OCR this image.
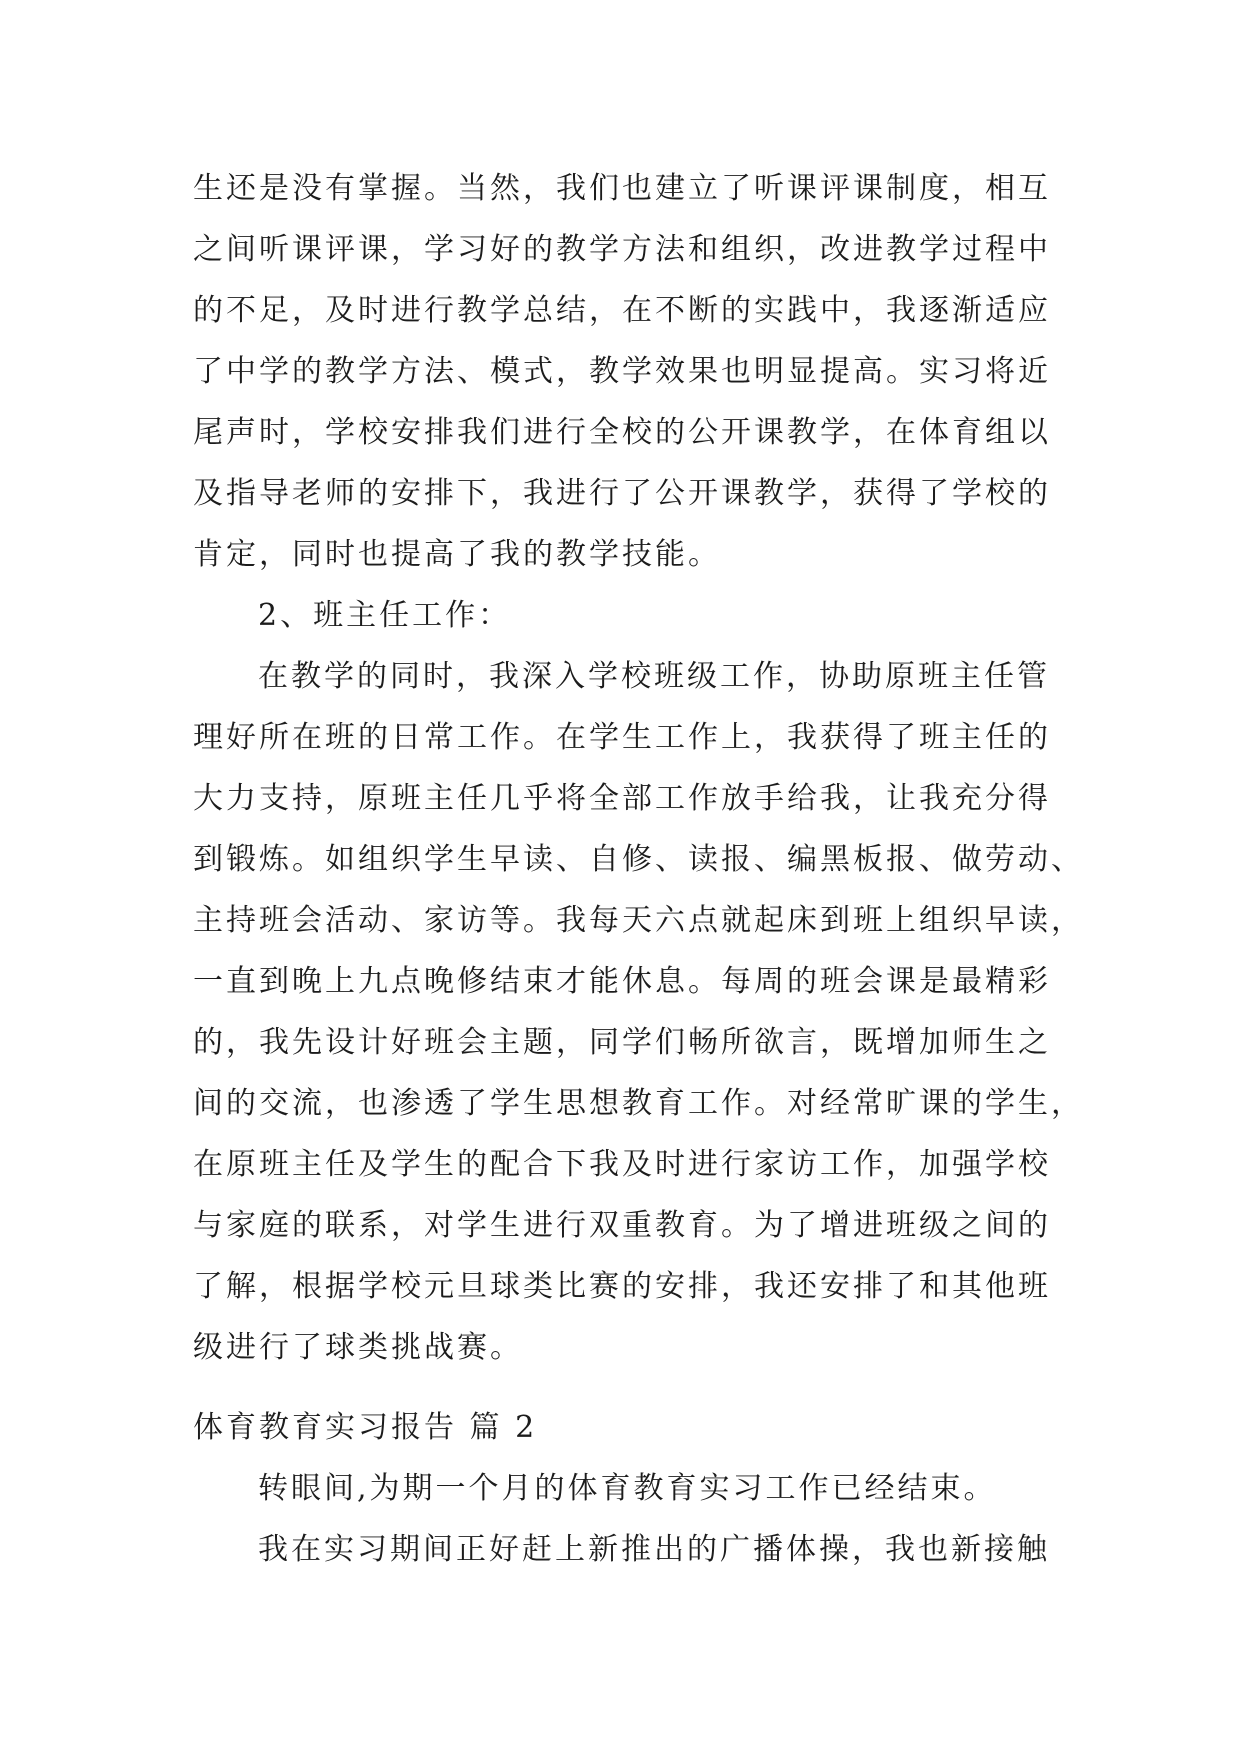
生还是没有掌握。当然，我们也建立了听课评课制度，相互
之间听课评课，学习好的教学方法和组织，改进教学过程中
的不足，及时进行教学总结，在不断的实践中，我逐渐适应
了中学的教学方法、模式，教学效果也明显提高。实习将近
尾声时，学校安排我们进行全校的公开课教学，在体育组以
及指导老师的安排下，我进行了公开课教学，获得了学校的
肯定，同时也提高了我的教学技能。
2、班主任工作：
在教学的同时，我深入学校班级工作，协助原班主任管
理好所在班的日常工作。在学生工作上，我获得了班主任的
大力支持，原班主任几乎将全部工作放手给我，让我充分得
到锻炼。如组织学生早读、自修、读报、编黑板报、做劳动、
主持班会活动、家访等。我每天六点就起床到班上组织早读，
一直到晚上九点晚修结束才能休息。每周的班会课是最精彩
的，我先设计好班会主题，同学们畅所欲言，既增加师生之
间的交流，也渗透了学生思想教育工作。对经常旷课的学生，
在原班主任及学生的配合下我及时进行家访工作，加强学校
与家庭的联系，对学生进行双重教育。为了增进班级之间的
了解，根据学校元旦球类比赛的安排，我还安排了和其他班
级进行了球类挑战赛。
体育教育实习报告 篇 2
转眼间,为期一个月的体育教育实习工作已经结束。
我在实习期间正好赶上新推出的广播体操，我也新接触
